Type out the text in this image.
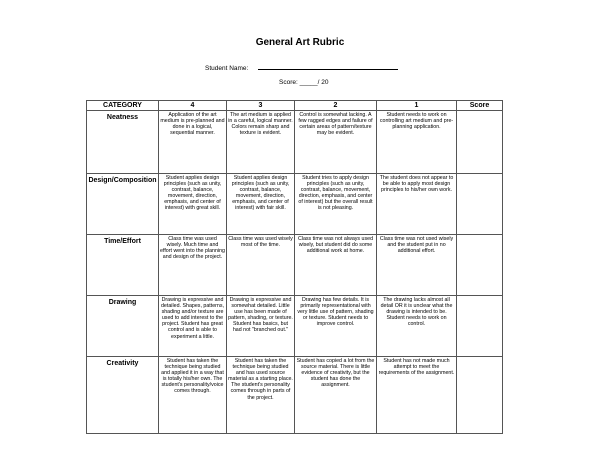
General Art Rubric
Student Name:
Score: _____/ 20
CATEGORY	4	3	2	1	Score
Neatness	Application of the art medium is pre-planned and done in a logical, sequential manner.	The art medium is applied in a careful, logical manner. Colors remain sharp and texture is evident.	Control is somewhat lacking. A few ragged edges and failure of certain areas of pattern/texture may be evident.	Student needs to work on controlling art medium and pre-planning application.	
Design/Composition	Student applies design principles (such as unity, contrast, balance, movement, direction, emphasis, and center of interest) with great skill.	Student applies design principles (such as unity, contrast, balance, movement, direction, emphasis, and center of interest) with fair skill.	Student tries to apply design principles (such as unity, contrast, balance, movement, direction, emphasis, and center of interest) but the overall result is not pleasing.	The student does not appear to be able to apply most design principles to his/her own work.	
Time/Effort	Class time was used wisely. Much time and effort went into the planning and design of the project.	Class time was used wisely most of the time.	Class time was not always used wisely, but student did do some additional work at home.	Class time was not used wisely and the student put in no additional effort.	
Drawing	Drawing is expressive and detailed. Shapes, patterns, shading and/or texture are used to add interest to the project. Student has great control and is able to experiment a little.	Drawing is expressive and somewhat detailed. Little use has been made of pattern, shading, or texture. Student has basics, but had not "branched out."	Drawing has few details. It is primarily representational with very little use of pattern, shading or texture. Student needs to improve control.	The drawing lacks almost all detail OR it is unclear what the drawing is intended to be. Student needs to work on control.	
Creativity	Student has taken the technique being studied and applied it in a way that is totally his/her own. The student's personality/voice comes through.	Student has taken the technique being studied and has used source material as a starting place. The student's personality comes through in parts of the project.	Student has copied a lot from the source material. There is little evidence of creativity, but the student has done the assignment.	Student has not made much attempt to meet the requirements of the assignment.	
